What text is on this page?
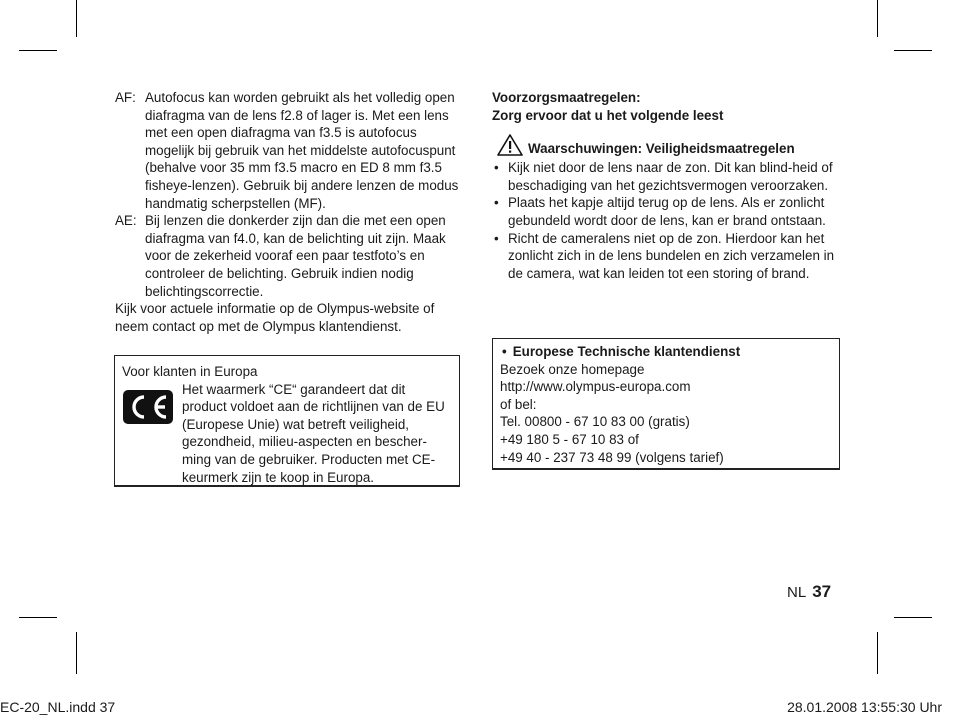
AF: Autofocus kan worden gebruikt als het volledig open diafragma van de lens f2.8 of lager is. Met een lens met een open diafragma van f3.5 is autofocus mogelijk bij gebruik van het middelste autofocuspunt (behalve voor 35 mm f3.5 macro en ED 8 mm f3.5 fisheye-lenzen). Gebruik bij andere lenzen de modus handmatig scherpstellen (MF).
AE: Bij lenzen die donkerder zijn dan die met een open diafragma van f4.0, kan de belichting uit zijn. Maak voor de zekerheid vooraf een paar testfoto’s en controleer de belichting. Gebruik indien nodig belichtingscorrectie.

Kijk voor actuele informatie op de Olympus-website of neem contact op met de Olympus klantendienst.

Voor klanten in Europa
Het waarmerk “CE“ garandeert dat dit product voldoet aan de richtlijnen van de EU (Europese Unie) wat betreft veiligheid, gezondheid, milieu-aspecten en bescher-ming van de gebruiker. Producten met CE-keurmerk zijn te koop in Europa.
Voorzorgsmaatregelen:
Zorg ervoor dat u het volgende leest
Waarschuwingen: Veiligheidsmaatregelen
• Kijk niet door de lens naar de zon. Dit kan blind-heid of beschadiging van het gezichtsvermogen veroorzaken.
• Plaats het kapje altijd terug op de lens. Als er zonlicht gebundeld wordt door de lens, kan er brand ontstaan.
• Richt de cameralens niet op de zon. Hierdoor kan het zonlicht zich in de lens bundelen en zich verzamelen in de camera, wat kan leiden tot een storing of brand.
• Europese Technische klantendienst
Bezoek onze homepage
http://www.olympus-europa.com
of bel:
Tel. 00800 - 67 10 83 00 (gratis)
+49 180 5 - 67 10 83 of
+49 40 - 237 73 48 99 (volgens tarief)
NL 37
EC-20_NL.indd 37	28.01.2008 13:55:30 Uhr
